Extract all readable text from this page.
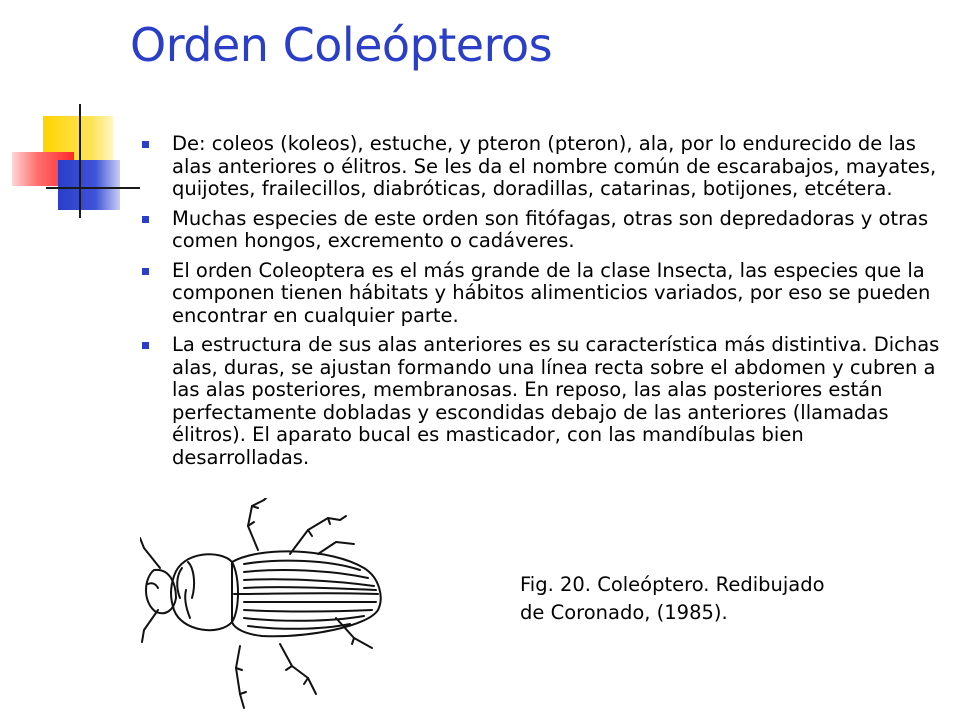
Orden Coleópteros
De: coleos (koleos), estuche, y pteron (pteron), ala, por lo endurecido de las alas anteriores o élitros. Se les da el nombre común de escarabajos, mayates, quijotes, frailecillos, diabróticas, doradillas, catarinas, botijones, etcétera.
Muchas especies de este orden son fitófagas, otras son depredadoras y otras comen hongos, excremento o cadáveres.
El orden Coleoptera es el más grande de la clase Insecta, las especies que la componen tienen hábitats y hábitos alimenticios variados, por eso se pueden encontrar en cualquier parte.
La estructura de sus alas anteriores es su característica más distintiva. Dichas alas, duras, se ajustan formando una línea recta sobre el abdomen y cubren a las alas posteriores, membranosas. En reposo, las alas posteriores están perfectamente dobladas y escondidas debajo de las anteriores (llamadas élitros). El aparato bucal es masticador, con las mandíbulas bien desarrolladas.

Fig. 20. Coleóptero. Redibujado
de Coronado, (1985).
